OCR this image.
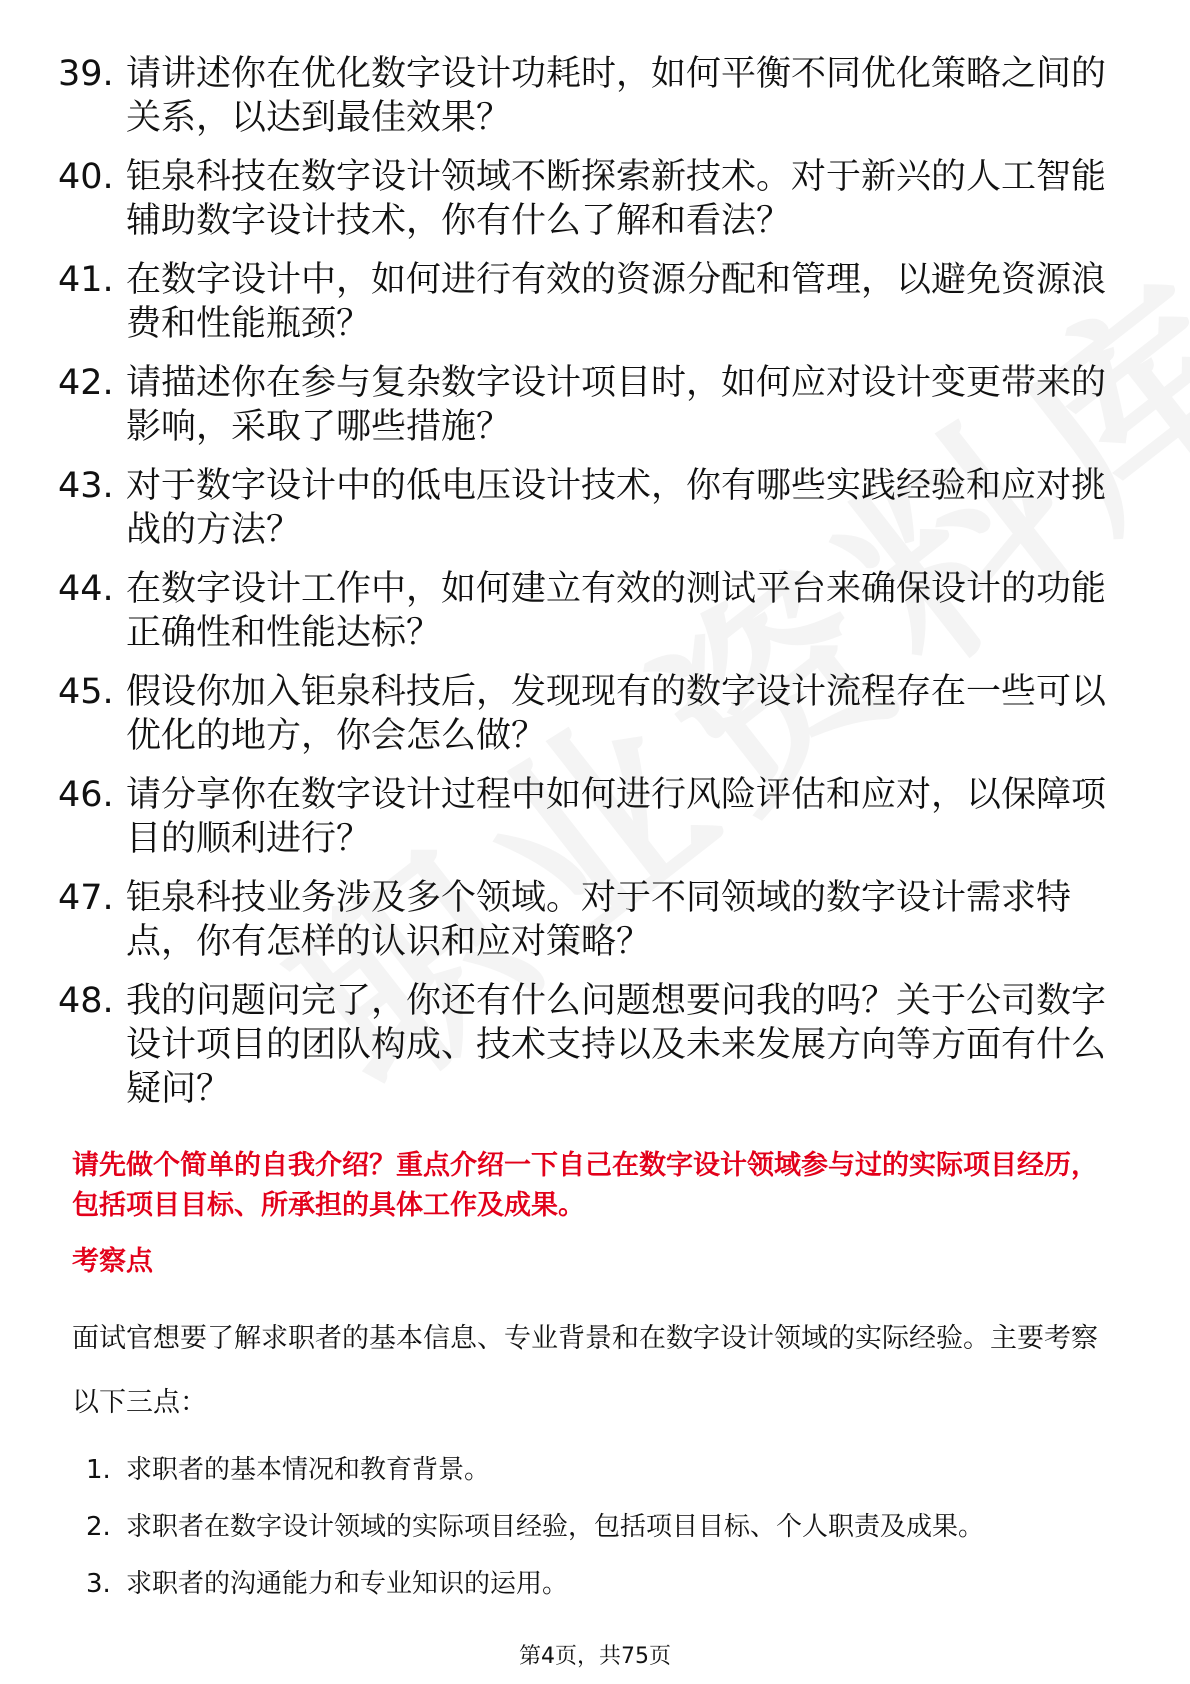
39. 请讲述你在优化数字设计功耗时，如何平衡不同优化策略之间的关系，以达到最佳效果？
40. 钜泉科技在数字设计领域不断探索新技术。对于新兴的人工智能辅助数字设计技术，你有什么了解和看法？
41. 在数字设计中，如何进行有效的资源分配和管理，以避免资源浪费和性能瓶颈？
42. 请描述你在参与复杂数字设计项目时，如何应对设计变更带来的影响，采取了哪些措施？
43. 对于数字设计中的低电压设计技术，你有哪些实践经验和应对挑战的方法？
44. 在数字设计工作中，如何建立有效的测试平台来确保设计的功能正确性和性能达标？
45. 假设你加入钜泉科技后，发现现有的数字设计流程存在一些可以优化的地方，你会怎么做？
46. 请分享你在数字设计过程中如何进行风险评估和应对，以保障项目的顺利进行？
47. 钜泉科技业务涉及多个领域。对于不同领域的数字设计需求特点，你有怎样的认识和应对策略？
48. 我的问题问完了，你还有什么问题想要问我的吗？关于公司数字设计项目的团队构成、技术支持以及未来发展方向等方面有什么疑问？

请先做个简单的自我介绍？重点介绍一下自己在数字设计领域参与过的实际项目经历，包括项目目标、所承担的具体工作及成果。

考察点

面试官想要了解求职者的基本信息、专业背景和在数字设计领域的实际经验。主要考察以下三点：

1. 求职者的基本情况和教育背景。
2. 求职者在数字设计领域的实际项目经验，包括项目目标、个人职责及成果。
3. 求职者的沟通能力和专业知识的运用。
第4页，共75页
